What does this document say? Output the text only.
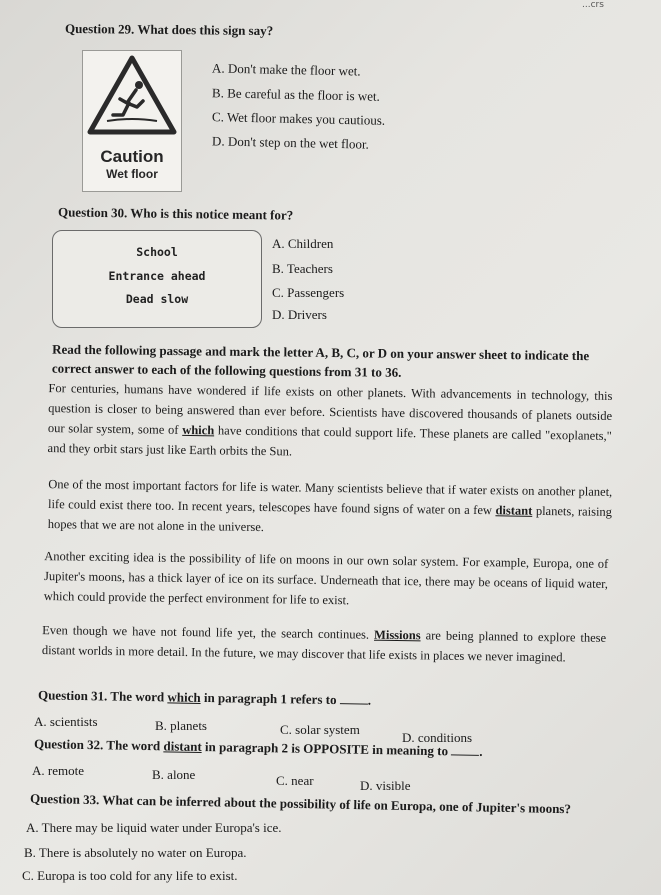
...crs
Question 29. What does this sign say?
Caution
Wet floor
A. Don't make the floor wet.
B. Be careful as the floor is wet.
C. Wet floor makes you cautious.
D. Don't step on the wet floor.
Question 30. Who is this notice meant for?
School
Entrance ahead
Dead slow
A. Children
B. Teachers
C. Passengers
D. Drivers
Read the following passage and mark the letter A, B, C, or D on your answer sheet to indicate the correct answer to each of the following questions from 31 to 36.
For centuries, humans have wondered if life exists on other planets. With advancements in technology, this question is closer to being answered than ever before. Scientists have discovered thousands of planets outside our solar system, some of which have conditions that could support life. These planets are called "exoplanets," and they orbit stars just like Earth orbits the Sun.
One of the most important factors for life is water. Many scientists believe that if water exists on another planet, life could exist there too. In recent years, telescopes have found signs of water on a few distant planets, raising hopes that we are not alone in the universe.
Another exciting idea is the possibility of life on moons in our own solar system. For example, Europa, one of Jupiter's moons, has a thick layer of ice on its surface. Underneath that ice, there may be oceans of liquid water, which could provide the perfect environment for life to exist.
Even though we have not found life yet, the search continues. Missions are being planned to explore these distant worlds in more detail. In the future, we may discover that life exists in places we never imagined.
Question 31. The word which in paragraph 1 refers to .
A. scientists	B. planets	C. solar system
D. conditions
Question 32. The word distant in paragraph 2 is OPPOSITE in meaning to .
A. remote	B. alone	C. near	D. visible
Question 33. What can be inferred about the possibility of life on Europa, one of Jupiter's moons?
A. There may be liquid water under Europa's ice.
B. There is absolutely no water on Europa.
C. Europa is too cold for any life to exist.
